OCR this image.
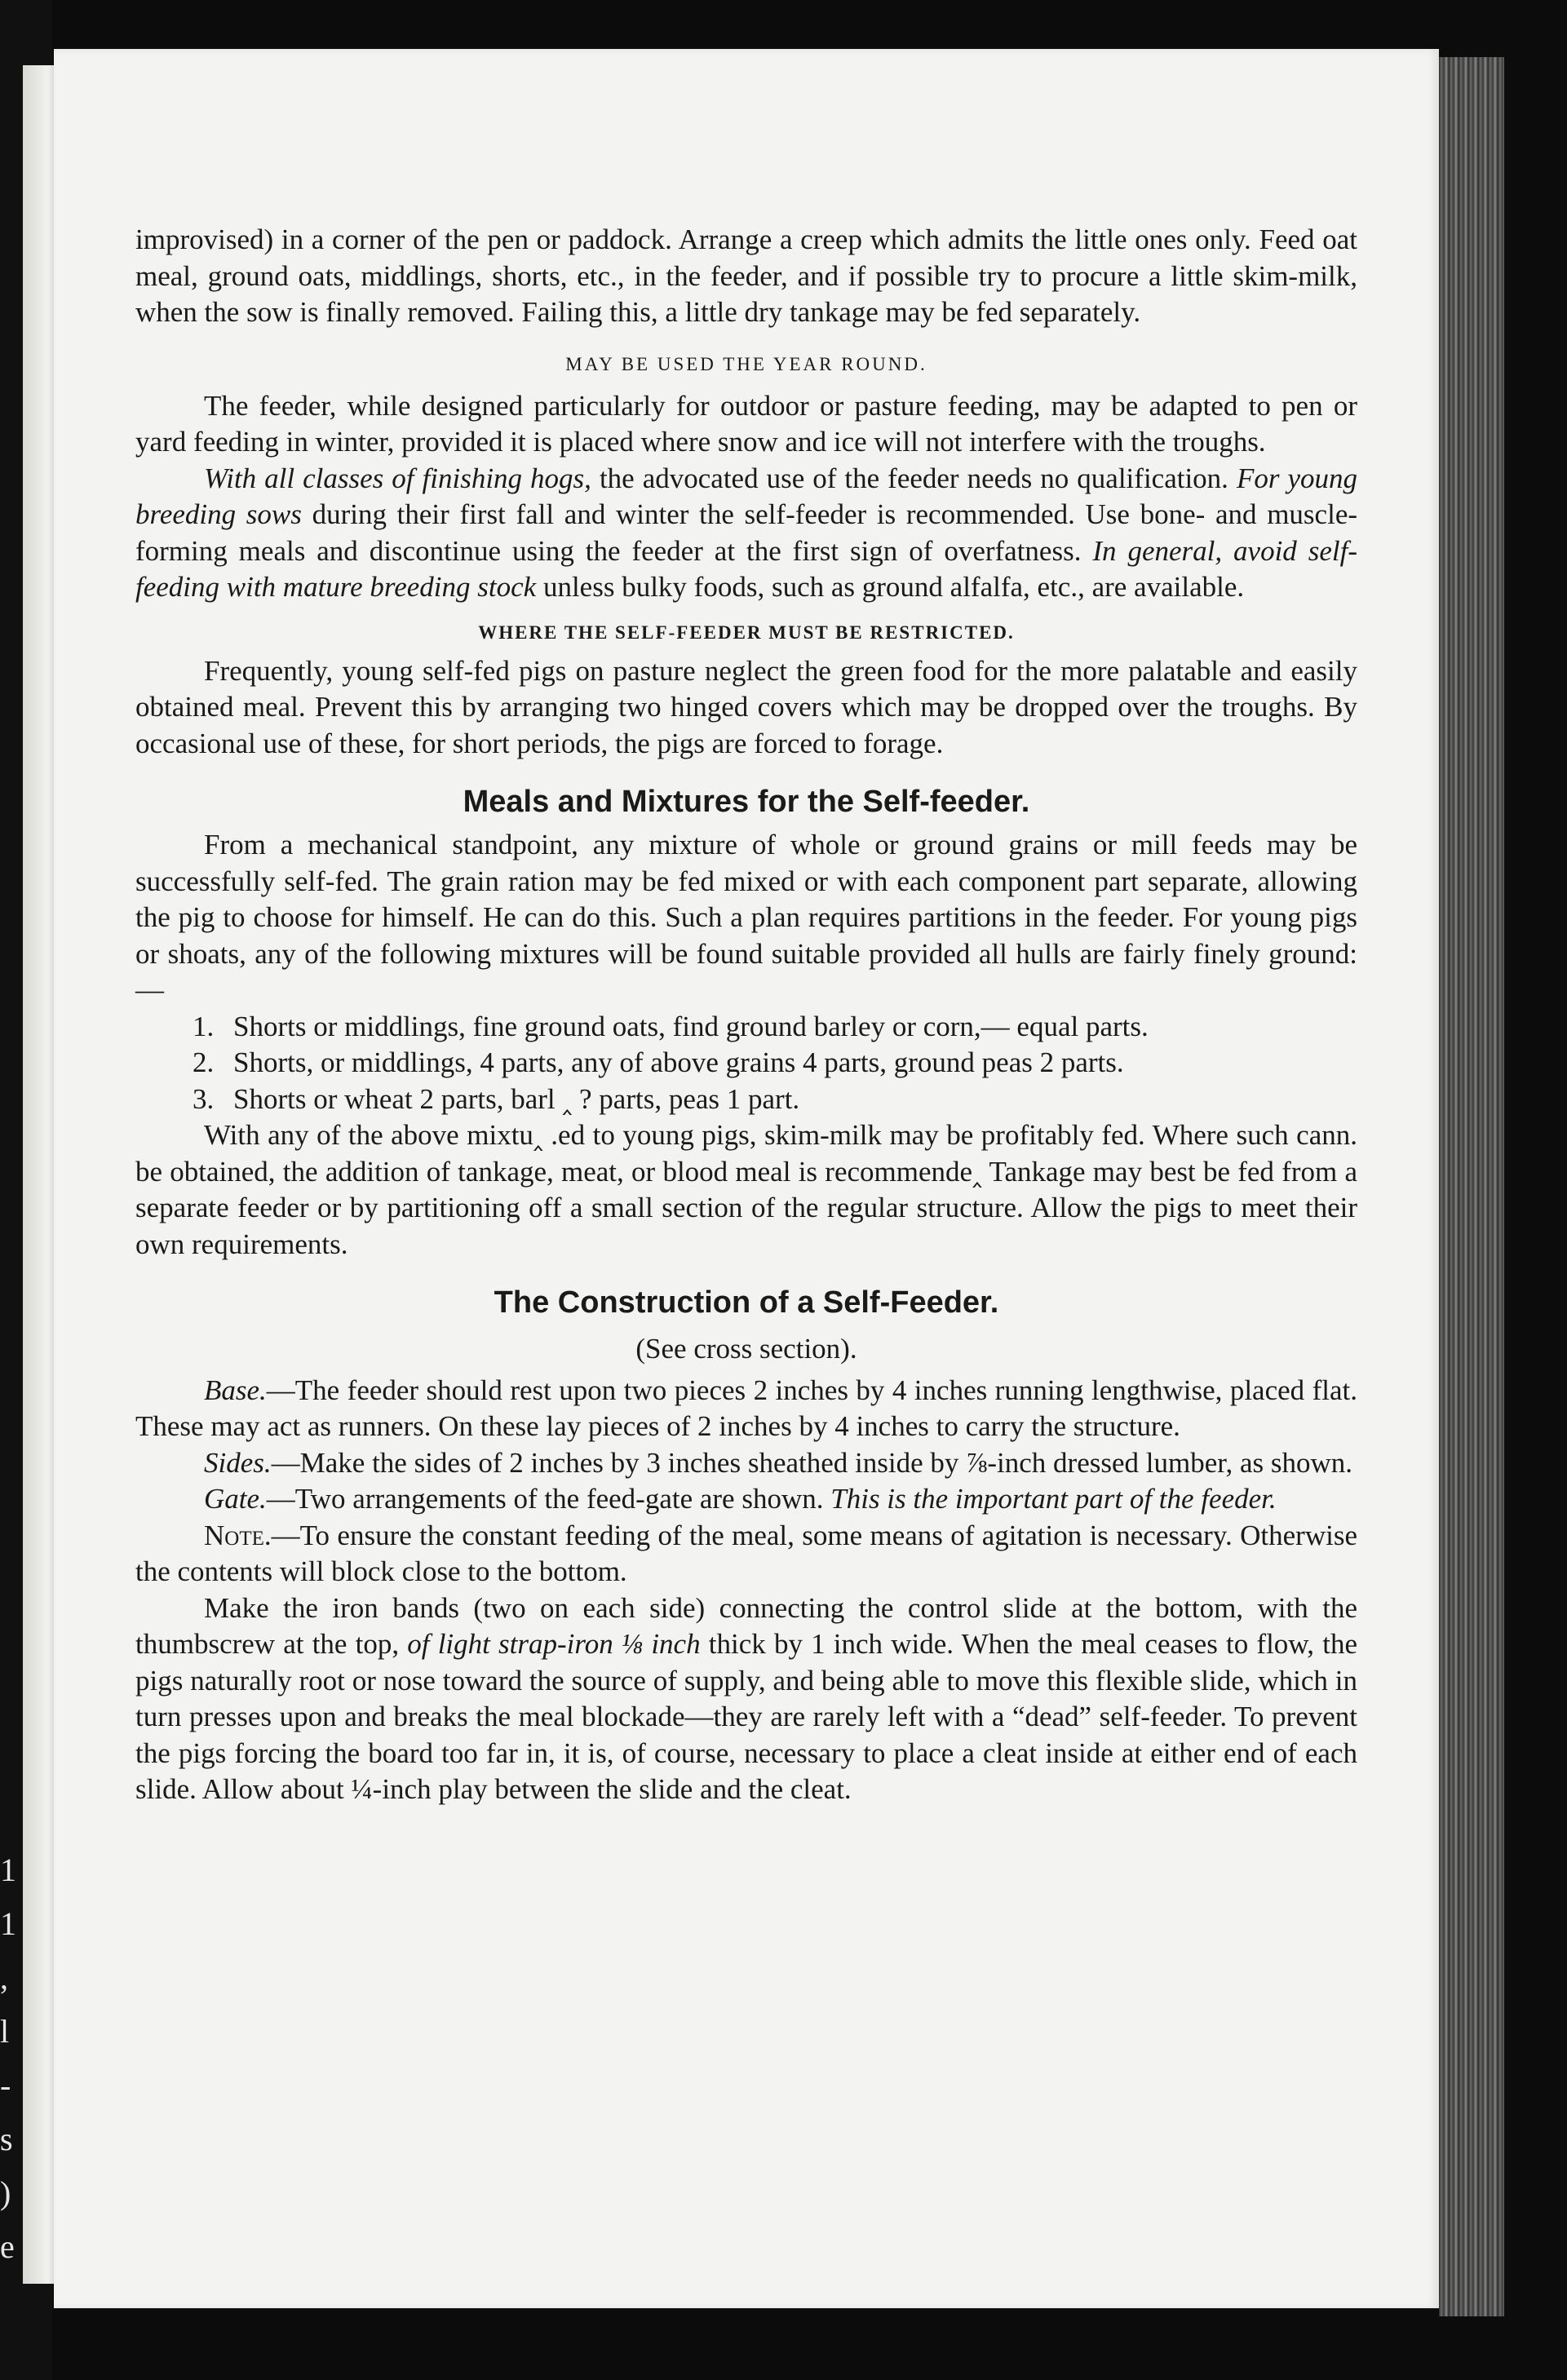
1
1
,
l
-
s
)
e

improvised) in a corner of the pen or paddock. Arrange a creep which admits the little ones only. Feed oat meal, ground oats, middlings, shorts, etc., in the feeder, and if possible try to procure a little skim-milk, when the sow is finally removed. Failing this, a little dry tankage may be fed separately.

MAY BE USED THE YEAR ROUND.

The feeder, while designed particularly for outdoor or pasture feeding, may be adapted to pen or yard feeding in winter, provided it is placed where snow and ice will not interfere with the troughs.

With all classes of finishing hogs, the advocated use of the feeder needs no qualification. For young breeding sows during their first fall and winter the self-feeder is recommended. Use bone- and muscle-forming meals and discontinue using the feeder at the first sign of overfatness. In general, avoid self-feeding with mature breeding stock unless bulky foods, such as ground alfalfa, etc., are available.

WHERE THE SELF-FEEDER MUST BE RESTRICTED.

Frequently, young self-fed pigs on pasture neglect the green food for the more palatable and easily obtained meal. Prevent this by arranging two hinged covers which may be dropped over the troughs. By occasional use of these, for short periods, the pigs are forced to forage.

Meals and Mixtures for the Self-feeder.

From a mechanical standpoint, any mixture of whole or ground grains or mill feeds may be successfully self-fed. The grain ration may be fed mixed or with each component part separate, allowing the pig to choose for himself. He can do this. Such a plan requires partitions in the feeder. For young pigs or shoats, any of the following mixtures will be found suitable provided all hulls are fairly finely ground:—

1. Shorts or middlings, fine ground oats, find ground barley or corn,— equal parts.

2. Shorts, or middlings, 4 parts, any of above grains 4 parts, ground peas 2 parts.

3. Shorts or wheat 2 parts, barl ‸ ? parts, peas 1 part.

With any of the above mixtu‸ .ed to young pigs, skim-milk may be profitably fed. Where such cann. be obtained, the addition of tankage, meat, or blood meal is recommende‸ Tankage may best be fed from a separate feeder or by partitioning off a small section of the regular structure. Allow the pigs to meet their own requirements.

The Construction of a Self-Feeder.
(See cross section).

Base.—The feeder should rest upon two pieces 2 inches by 4 inches running lengthwise, placed flat. These may act as runners. On these lay pieces of 2 inches by 4 inches to carry the structure.

Sides.—Make the sides of 2 inches by 3 inches sheathed inside by ⅞-inch dressed lumber, as shown.

Gate.—Two arrangements of the feed-gate are shown. This is the important part of the feeder.

Note.—To ensure the constant feeding of the meal, some means of agitation is necessary. Otherwise the contents will block close to the bottom.

Make the iron bands (two on each side) connecting the control slide at the bottom, with the thumbscrew at the top, of light strap-iron ⅛ inch thick by 1 inch wide. When the meal ceases to flow, the pigs naturally root or nose toward the source of supply, and being able to move this flexible slide, which in turn presses upon and breaks the meal blockade—they are rarely left with a “dead” self-feeder. To prevent the pigs forcing the board too far in, it is, of course, necessary to place a cleat inside at either end of each slide. Allow about ¼-inch play between the slide and the cleat.
